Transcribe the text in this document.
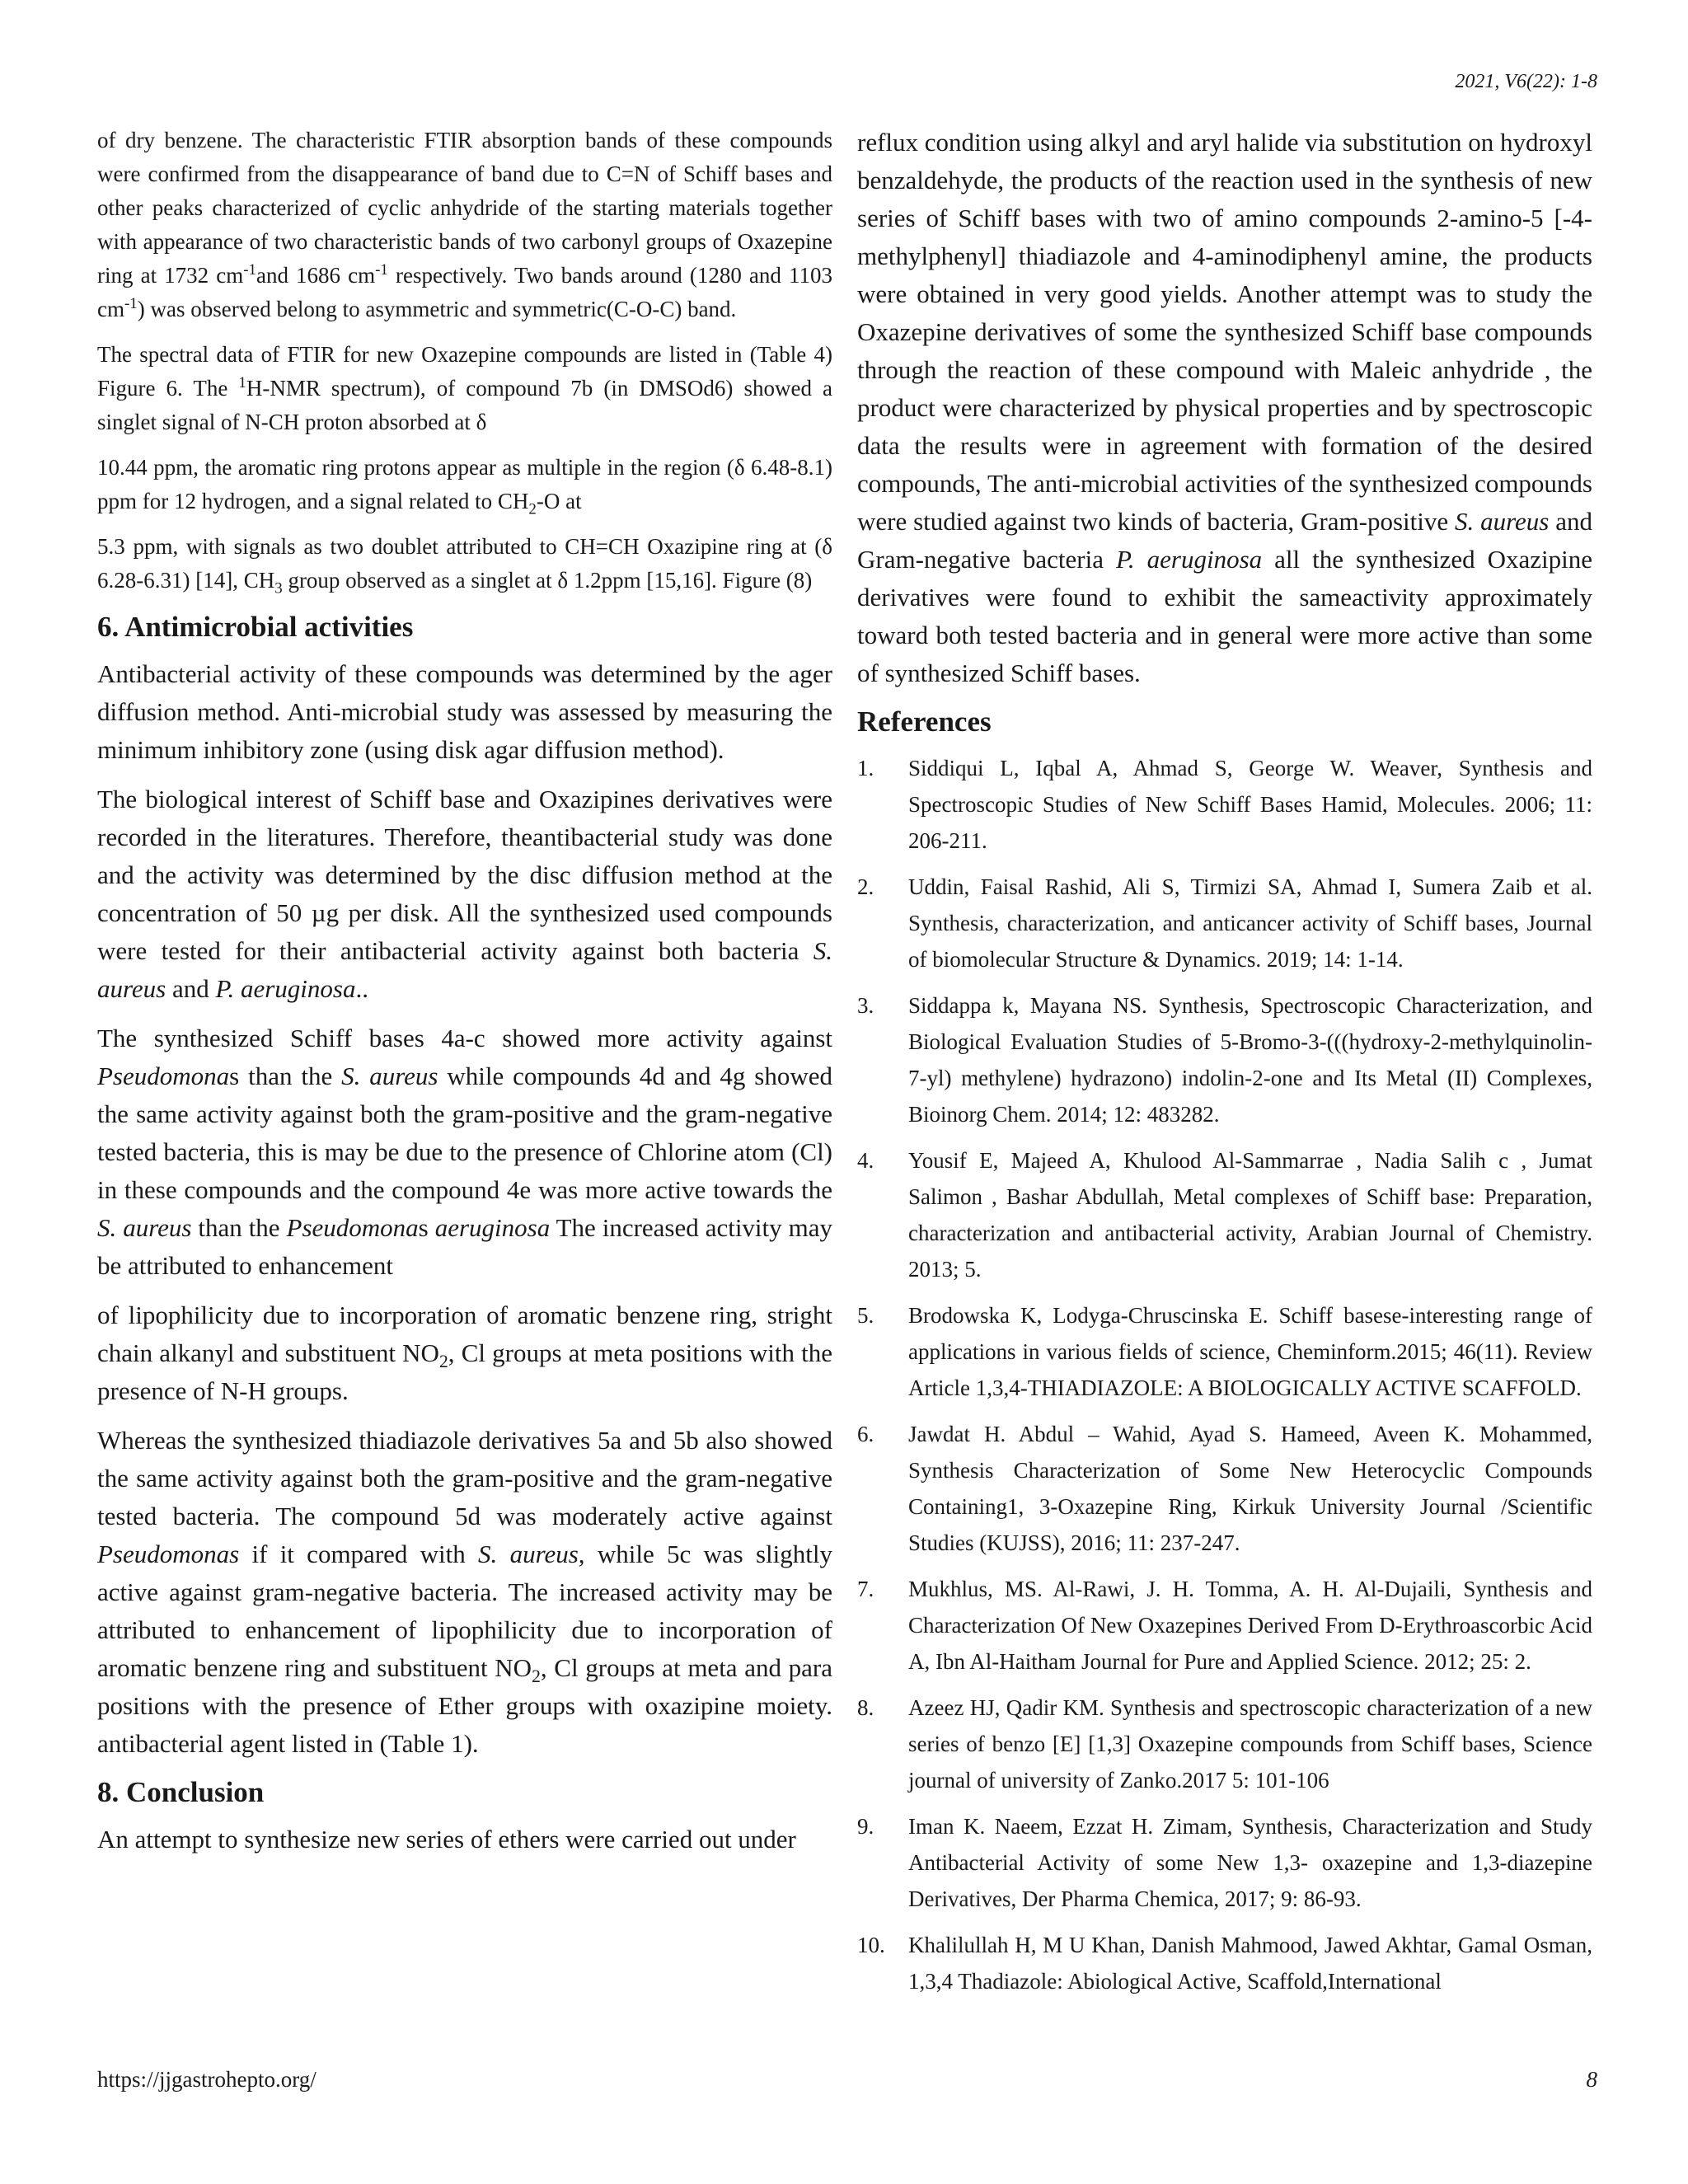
2021, V6(22): 1-8

of dry benzene. The characteristic FTIR absorption bands of these compounds were confirmed from the disappearance of band due to C=N of Schiff bases and other peaks characterized of cyclic anhydride of the starting materials together with appearance of two characteristic bands of two carbonyl groups of Oxazepine ring at 1732 $cm^{-1}and$ 1686 $cm^{-1}$ respectively. Two bands around (1280 and 1103 $cm^{-1}$) was observed belong to asymmetric and symmetric(C-O-C) band.

The spectral data of FTIR for new Oxazepine compounds are listed in (Table 4) Figure 6. The $^1$H-NMR spectrum), of compound 7b (in DMSOd6) showed a singlet signal of N-CH proton absorbed at δ

10.44 ppm, the aromatic ring protons appear as multiple in the region (δ 6.48-8.1) ppm for 12 hydrogen, and a signal related to $CH_2-O$ at

5.3 ppm, with signals as two doublet attributed to CH=CH Oxazipine ring at (δ 6.28-6.31) [14], $CH_3$ group observed as a singlet at δ 1.2ppm [15,16]. Figure (8)

6. Antimicrobial activities

Antibacterial activity of these compounds was determined by the ager diffusion method. Anti-microbial study was assessed by measuring the minimum inhibitory zone (using disk agar diffusion method).

The biological interest of Schiff base and Oxazipines derivatives were recorded in the literatures. Therefore, theantibacterial study was done and the activity was determined by the disc diffusion method at the concentration of 50 µg per disk. All the synthesized used compounds were tested for their antibacterial activity against both bacteria S. aureus and P. aeruginosa..

The synthesized Schiff bases 4a-c showed more activity against Pseudomonas than the S. aureus while compounds 4d and 4g showed the same activity against both the gram-positive and the gram-negative tested bacteria, this is may be due to the presence of Chlorine atom (Cl) in these compounds and the compound 4e was more active towards the S. aureus than the Pseudomonas aeruginosa The increased activity may be attributed to enhancement

of lipophilicity due to incorporation of aromatic benzene ring, stright chain alkanyl and substituent $NO_2$, Cl groups at meta positions with the presence of N-H groups.

Whereas the synthesized thiadiazole derivatives 5a and 5b also showed the same activity against both the gram-positive and the gram-negative tested bacteria. The compound 5d was moderately active against Pseudomonas if it compared with S. aureus, while 5c was slightly active against gram-negative bacteria. The increased activity may be attributed to enhancement of lipophilicity due to incorporation of aromatic benzene ring and substituent $NO_2$, Cl groups at meta and para positions with the presence of Ether groups with oxazipine moiety. antibacterial agent listed in (Table 1).

8. Conclusion

An attempt to synthesize new series of ethers were carried out under

reflux condition using alkyl and aryl halide via substitution on hydroxyl benzaldehyde, the products of the reaction used in the synthesis of new series of Schiff bases with two of amino compounds 2-amino-5 [-4-methylphenyl] thiadiazole and 4-aminodiphenyl amine, the products were obtained in very good yields. Another attempt was to study the Oxazepine derivatives of some the synthesized Schiff base compounds through the reaction of these compound with Maleic anhydride , the product were characterized by physical properties and by spectroscopic data the results were in agreement with formation of the desired compounds, The anti-microbial activities of the synthesized compounds were studied against two kinds of bacteria, Gram-positive S. aureus and Gram-negative bacteria P. aeruginosa all the synthesized Oxazipine derivatives were found to exhibit the sameactivity approximately toward both tested bacteria and in general were more active than some of synthesized Schiff bases.

References
1.	Siddiqui L, Iqbal A, Ahmad S, George W. Weaver, Synthesis and Spectroscopic Studies of New Schiff Bases Hamid, Molecules. 2006; 11: 206-211.
2.	Uddin, Faisal Rashid, Ali S, Tirmizi SA, Ahmad I, Sumera Zaib et al. Synthesis, characterization, and anticancer activity of Schiff bases, Journal of biomolecular Structure & Dynamics. 2019; 14: 1-14.
3.	Siddappa k, Mayana NS. Synthesis, Spectroscopic Characterization, and Biological Evaluation Studies of 5-Bromo-3-(((hydroxy-2-methylquinolin-7-yl) methylene) hydrazono) indolin-2-one and Its Metal (II) Complexes, Bioinorg Chem. 2014; 12: 483282.
4.	Yousif E, Majeed A, Khulood Al-Sammarrae , Nadia Salih c , Jumat Salimon , Bashar Abdullah, Metal complexes of Schiff base: Preparation, characterization and antibacterial activity, Arabian Journal of Chemistry. 2013; 5.
5.	Brodowska K, Lodyga-Chruscinska E. Schiff basese-interesting range of applications in various fields of science, Cheminform.2015; 46(11). Review Article 1,3,4-THIADIAZOLE: A BIOLOGICALLY ACTIVE SCAFFOLD.
6.	Jawdat H. Abdul – Wahid, Ayad S. Hameed, Aveen K. Mohammed, Synthesis Characterization of Some New Heterocyclic Compounds Containing1, 3-Oxazepine Ring, Kirkuk University Journal /Scientific Studies (KUJSS), 2016; 11: 237-247.
7.	Mukhlus, MS. Al-Rawi, J. H. Tomma, A. H. Al-Dujaili, Synthesis and Characterization Of New Oxazepines Derived From D-Erythroascorbic Acid A, Ibn Al-Haitham Journal for Pure and Applied Science. 2012; 25: 2.
8.	Azeez HJ, Qadir KM. Synthesis and spectroscopic characterization of a new series of benzo [E] [1,3] Oxazepine compounds from Schiff bases, Science journal of university of Zanko.2017 5: 101-106
9.	Iman K. Naeem, Ezzat H. Zimam, Synthesis, Characterization and Study Antibacterial Activity of some New 1,3- oxazepine and 1,3-diazepine Derivatives, Der Pharma Chemica, 2017; 9: 86-93.
10.	Khalilullah H, M U Khan, Danish Mahmood, Jawed Akhtar, Gamal Osman, 1,3,4 Thadiazole: Abiological Active, Scaffold,International
https://jjgastrohepto.org/	8
